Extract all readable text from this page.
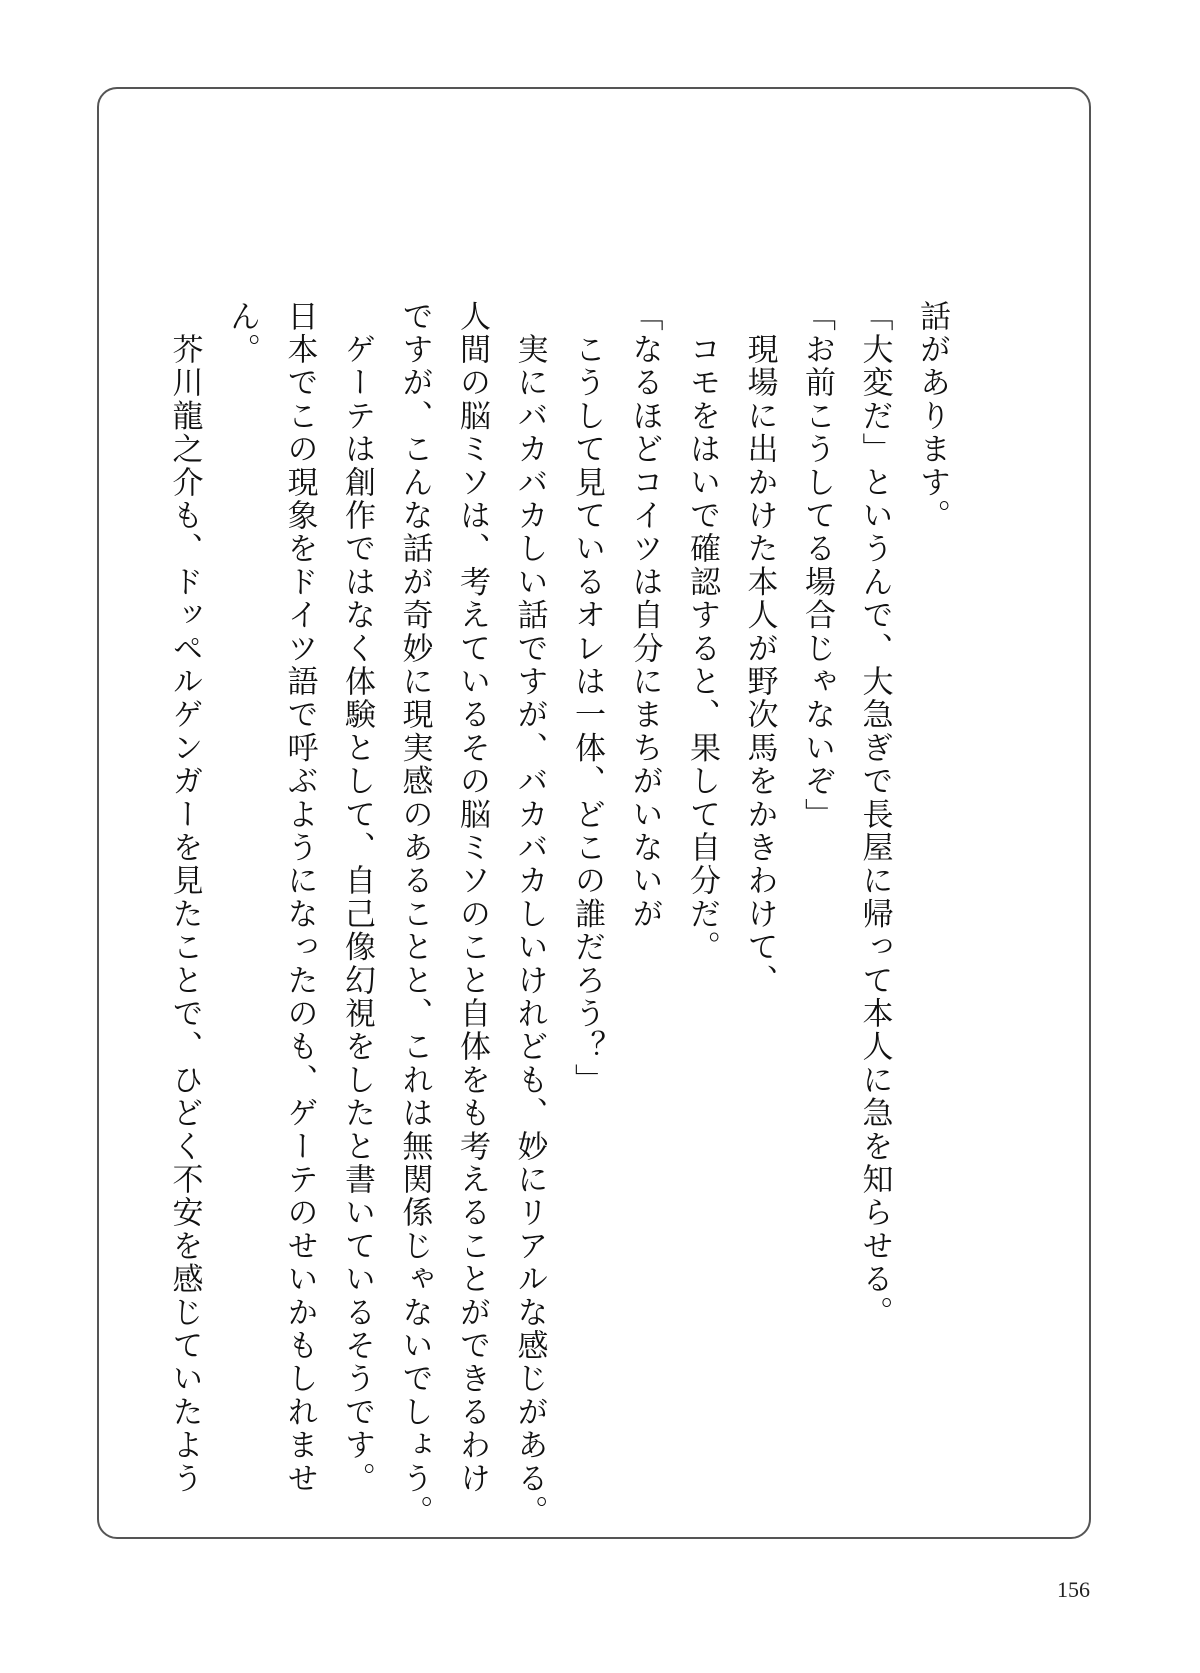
話があります。
「大変だ」というんで、大急ぎで長屋に帰って本人に急を知らせる。
「お前こうしてる場合じゃないぞ」
　現場に出かけた本人が野次馬をかきわけて、
　コモをはいで確認すると、果して自分だ。
「なるほどコイツは自分にまちがいないが
　こうして見ているオレは一体、どこの誰だろう？」
　実にバカバカしい話ですが、バカバカしいけれども、妙にリアルな感じがある。
人間の脳ミソは、考えているその脳ミソのこと自体をも考えることができるわけ
ですが、こんな話が奇妙に現実感のあることと、これは無関係じゃないでしょう。
　ゲーテは創作ではなく体験として、自己像幻視をしたと書いているそうです。
日本でこの現象をドイツ語で呼ぶようになったのも、ゲーテのせいかもしれませ
ん。
　芥川龍之介も、ドッペルゲンガーを見たことで、ひどく不安を感じていたよう
156
